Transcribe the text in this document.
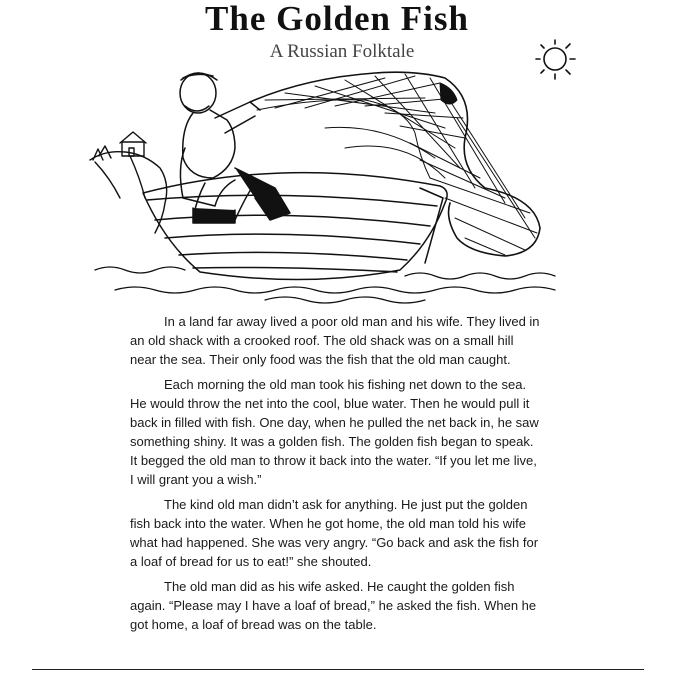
The Golden Fish
A Russian Folktale

In a land far away lived a poor old man and his wife. They lived in an old shack with a crooked roof. The old shack was on a small hill near the sea. Their only food was the fish that the old man caught.

Each morning the old man took his fishing net down to the sea. He would throw the net into the cool, blue water. Then he would pull it back in filled with fish. One day, when he pulled the net back in, he saw something shiny. It was a golden fish. The golden fish began to speak. It begged the old man to throw it back into the water. “If you let me live, I will grant you a wish.”

The kind old man didn’t ask for anything. He just put the golden fish back into the water. When he got home, the old man told his wife what had happened. She was very angry. “Go back and ask the fish for a loaf of bread for us to eat!” she shouted.

The old man did as his wife asked. He caught the golden fish again. “Please may I have a loaf of bread,” he asked the fish. When he got home, a loaf of bread was on the table.
